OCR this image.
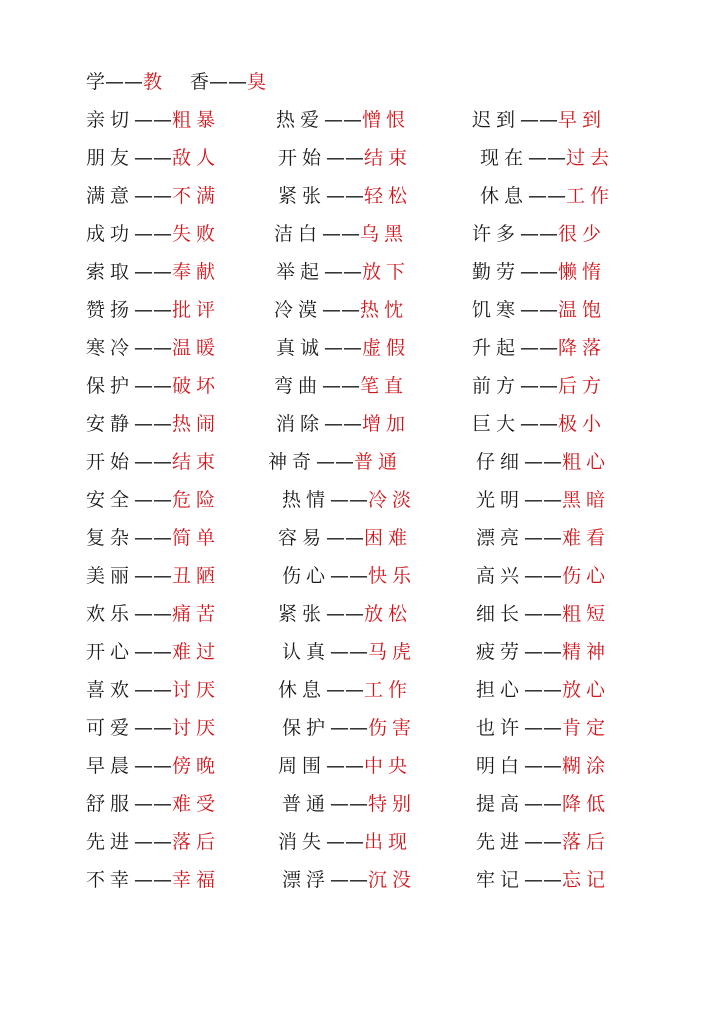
学——教 香——臭
亲切——粗暴	热爱——憎恨	迟到——早到
朋友——敌人	开始——结束	现在——过去
满意——不满	紧张——轻松	休息——工作
成功——失败	洁白——乌黑	许多——很少
索取——奉献	举起——放下	勤劳——懒惰
赞扬——批评	冷漠——热忱	饥寒——温饱
寒冷——温暖	真诚——虚假	升起——降落
保护——破坏	弯曲——笔直	前方——后方
安静——热闹	消除——增加	巨大——极小
开始——结束	神奇——普通	仔细——粗心
安全——危险	热情——冷淡	光明——黑暗
复杂——简单	容易——困难	漂亮——难看
美丽——丑陋	伤心——快乐	高兴——伤心
欢乐——痛苦	紧张——放松	细长——粗短
开心——难过	认真——马虎	疲劳——精神
喜欢——讨厌	休息——工作	担心——放心
可爱——讨厌	保护——伤害	也许——肯定
早晨——傍晚	周围——中央	明白——糊涂
舒服——难受	普通——特别	提高——降低
先进——落后	消失——出现	先进——落后
不幸——幸福	漂浮——沉没	牢记——忘记
